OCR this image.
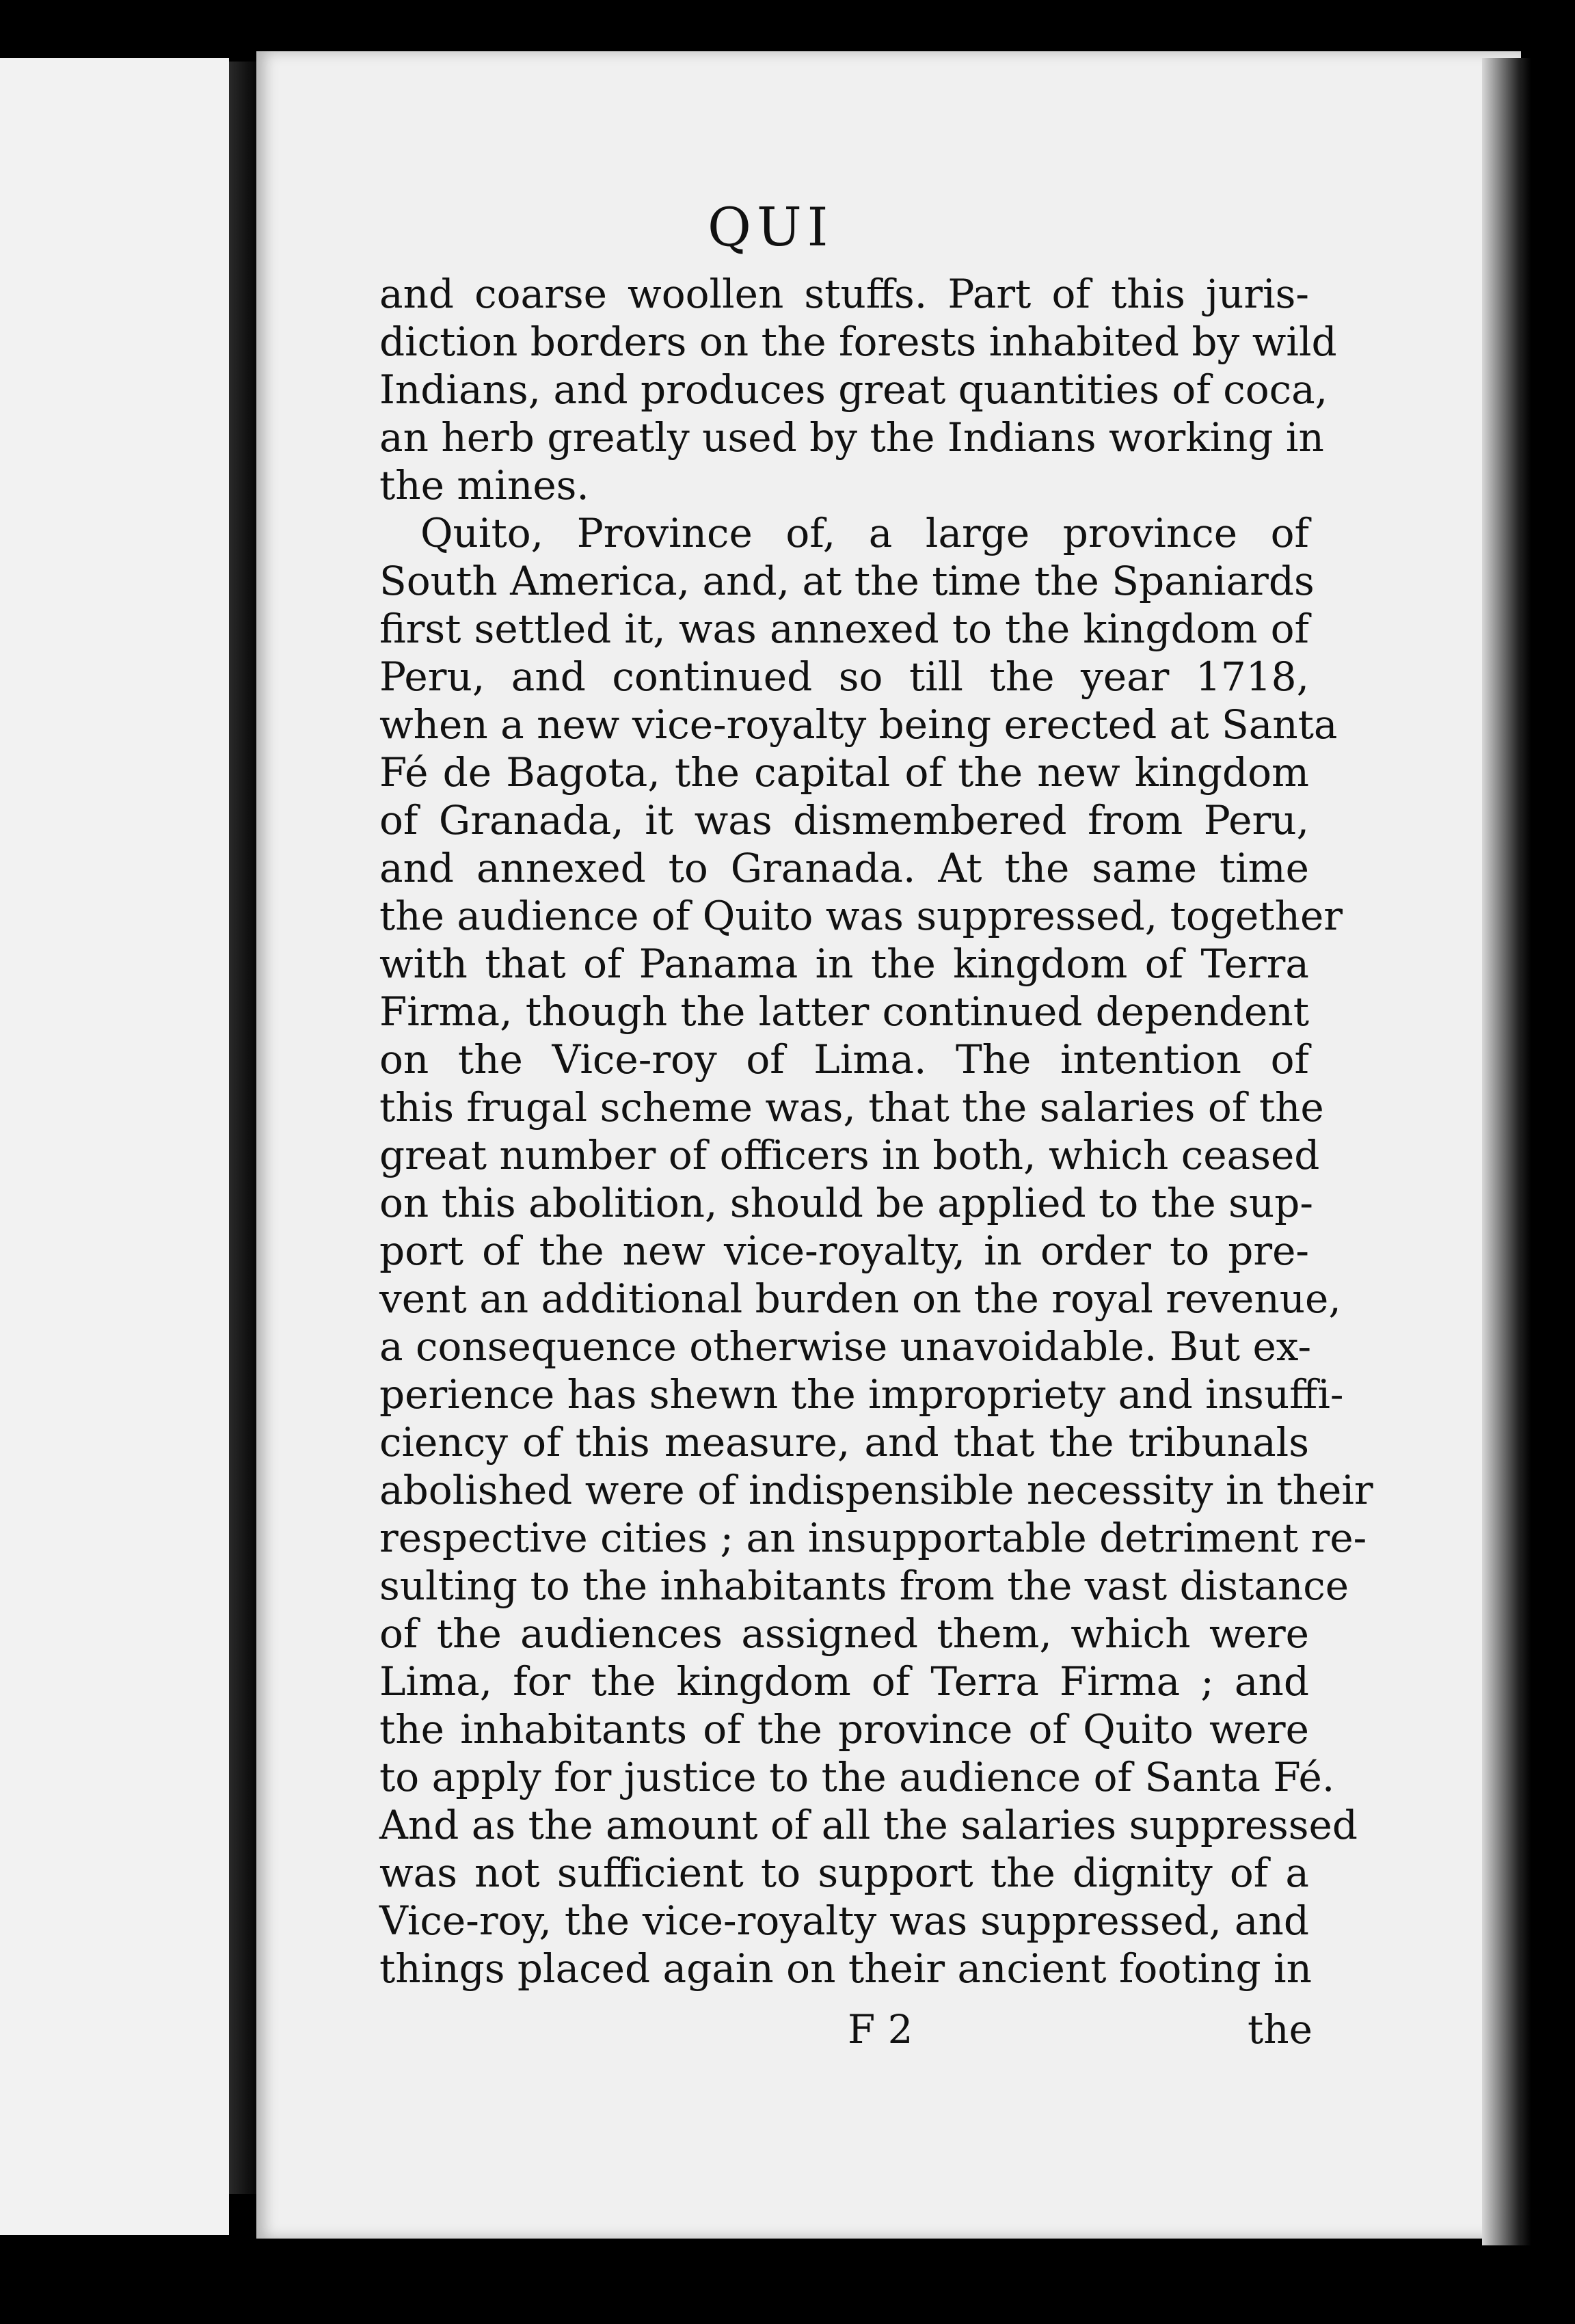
QUI
and coarse woollen stuffs. Part of this juris-
diction borders on the forests inhabited by wild
Indians, and produces great quantities of coca,
an herb greatly used by the Indians working in
the mines.
Quito, Province of, a large province of
South America, and, at the time the Spaniards
first settled it, was annexed to the kingdom of
Peru, and continued so till the year 1718,
when a new vice-royalty being erected at Santa
Fé de Bagota, the capital of the new kingdom
of Granada, it was dismembered from Peru,
and annexed to Granada. At the same time
the audience of Quito was suppressed, together
with that of Panama in the kingdom of Terra
Firma, though the latter continued dependent
on the Vice-roy of Lima. The intention of
this frugal scheme was, that the salaries of the
great number of officers in both, which ceased
on this abolition, should be applied to the sup-
port of the new vice-royalty, in order to pre-
vent an additional burden on the royal revenue,
a consequence otherwise unavoidable. But ex-
perience has shewn the impropriety and insuffi-
ciency of this measure, and that the tribunals
abolished were of indispensible necessity in their
respective cities ; an insupportable detriment re-
sulting to the inhabitants from the vast distance
of the audiences assigned them, which were
Lima, for the kingdom of Terra Firma ; and
the inhabitants of the province of Quito were
to apply for justice to the audience of Santa Fé.
And as the amount of all the salaries suppressed
was not sufficient to support the dignity of a
Vice-roy, the vice-royalty was suppressed, and
things placed again on their ancient footing in
F 2	the
